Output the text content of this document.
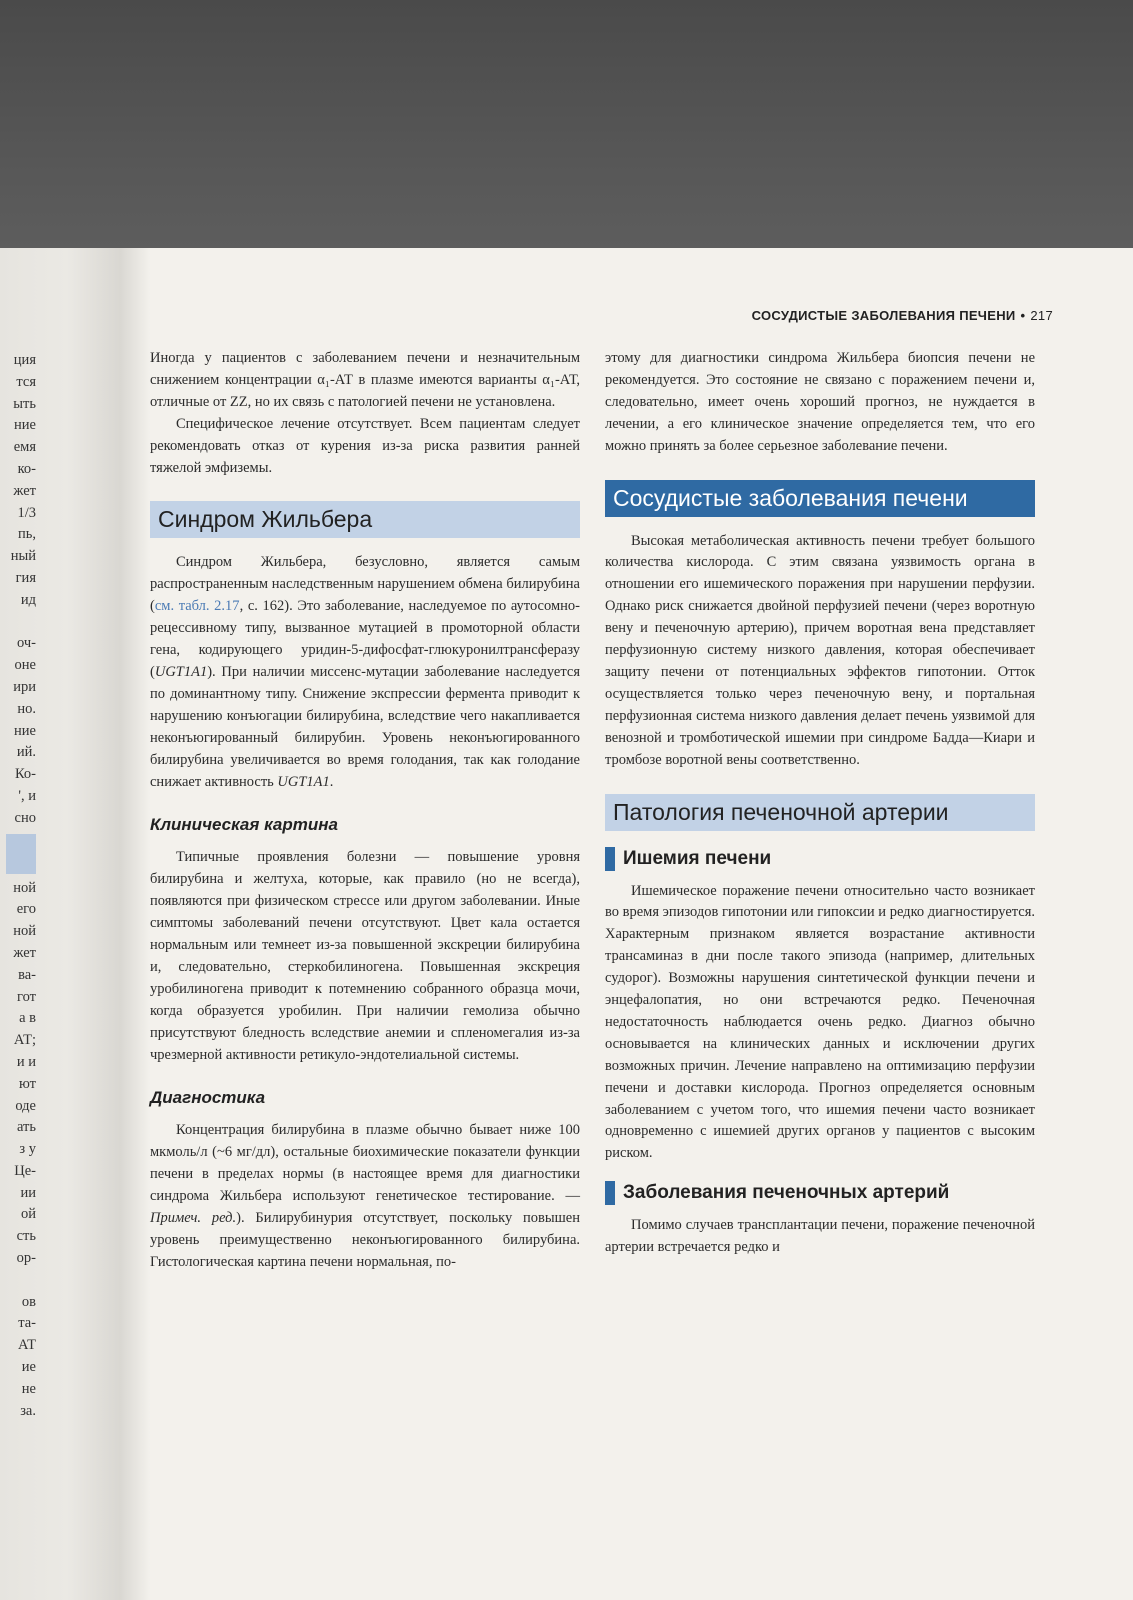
ция
тся
ыть
ние
емя
ко-
жет
1/3
пь,
ный
гия
ид
оч-
оне
ири
но.
ние
ий.
Ко-
', и
сно
ной
его
ной
жет
ва-
гот
а в
АТ;
и и
ют
оде
ать
з у
Це-
ии
ой
сть
ор-
ов
та-
АТ
ие
не
за.
СОСУДИСТЫЕ ЗАБОЛЕВАНИЯ ПЕЧЕНИ • 217

Иногда у пациентов с заболеванием печени и незначительным снижением концентрации α₁-АТ в плазме имеются варианты α₁-АТ, отличные от ZZ, но их связь с патологией печени не установлена.

Специфическое лечение отсутствует. Всем пациентам следует рекомендовать отказ от курения из-за риска развития ранней тяжелой эмфиземы.

Синдром Жильбера

Синдром Жильбера, безусловно, является самым распространенным наследственным нарушением обмена билирубина (см. табл. 2.17, с. 162). Это заболевание, наследуемое по аутосомно-рецессивному типу, вызванное мутацией в промоторной области гена, кодирующего уридин-5-дифосфат-глюкуронилтрансферазу (UGT1A1). При наличии миссенс-мутации заболевание наследуется по доминантному типу. Снижение экспрессии фермента приводит к нарушению конъюгации билирубина, вследствие чего накапливается неконъюгированный билирубин. Уровень неконъюгированного билирубина увеличивается во время голодания, так как голодание снижает активность UGT1A1.

Клиническая картина

Типичные проявления болезни — повышение уровня билирубина и желтуха, которые, как правило (но не всегда), появляются при физическом стрессе или другом заболевании. Иные симптомы заболеваний печени отсутствуют. Цвет кала остается нормальным или темнеет из-за повышенной экскреции билирубина и, следовательно, стеркобилиногена. Повышенная экскреция уробилиногена приводит к потемнению собранного образца мочи, когда образуется уробилин. При наличии гемолиза обычно присутствуют бледность вследствие анемии и спленомегалия из-за чрезмерной активности ретикуло-эндотелиальной системы.

Диагностика

Концентрация билирубина в плазме обычно бывает ниже 100 мкмоль/л (~6 мг/дл), остальные биохимические показатели функции печени в пределах нормы (в настоящее время для диагностики синдрома Жильбера используют генетическое тестирование. — Примеч. ред.). Билирубинурия отсутствует, поскольку повышен уровень преимущественно неконъюгированного билирубина. Гистологическая картина печени нормальная, по-

этому для диагностики синдрома Жильбера биопсия печени не рекомендуется. Это состояние не связано с поражением печени и, следовательно, имеет очень хороший прогноз, не нуждается в лечении, а его клиническое значение определяется тем, что его можно принять за более серьезное заболевание печени.

Сосудистые заболевания печени

Высокая метаболическая активность печени требует большого количества кислорода. С этим связана уязвимость органа в отношении его ишемического поражения при нарушении перфузии. Однако риск снижается двойной перфузией печени (через воротную вену и печеночную артерию), причем воротная вена представляет перфузионную систему низкого давления, которая обеспечивает защиту печени от потенциальных эффектов гипотонии. Отток осуществляется только через печеночную вену, и портальная перфузионная система низкого давления делает печень уязвимой для венозной и тромботической ишемии при синдроме Бадда—Киари и тромбозе воротной вены соответственно.

Патология печеночной артерии
Ишемия печени

Ишемическое поражение печени относительно часто возникает во время эпизодов гипотонии или гипоксии и редко диагностируется. Характерным признаком является возрастание активности трансаминаз в дни после такого эпизода (например, длительных судорог). Возможны нарушения синтетической функции печени и энцефалопатия, но они встречаются редко. Печеночная недостаточность наблюдается очень редко. Диагноз обычно основывается на клинических данных и исключении других возможных причин. Лечение направлено на оптимизацию перфузии печени и доставки кислорода. Прогноз определяется основным заболеванием с учетом того, что ишемия печени часто возникает одновременно с ишемией других органов у пациентов с высоким риском.

Заболевания печеночных артерий

Помимо случаев трансплантации печени, поражение печеночной артерии встречается редко и
